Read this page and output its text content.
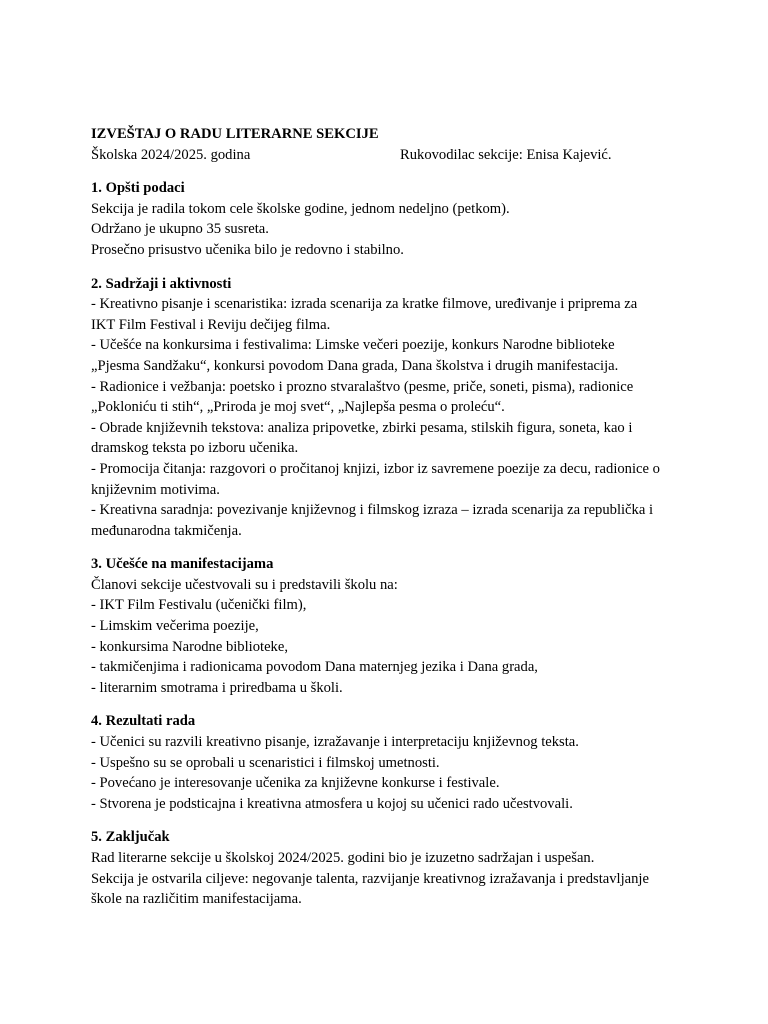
IZVEŠTAJ O RADU LITERARNE SEKCIJE

Školska 2024/2025. godina	Rukovodilac sekcije: Enisa Kajević.

1. Opšti podaci

Sekcija je radila tokom cele školske godine, jednom nedeljno (petkom).

Održano je ukupno 35 susreta.

Prosečno prisustvo učenika bilo je redovno i stabilno.

2. Sadržaji i aktivnosti

- Kreativno pisanje i scenaristika: izrada scenarija za kratke filmove, uređivanje i priprema za

IKT Film Festival i Reviju dečijeg filma.

- Učešće na konkursima i festivalima: Limske večeri poezije, konkurs Narodne biblioteke

„Pjesma Sandžaku“, konkursi povodom Dana grada, Dana školstva i drugih manifestacija.

- Radionice i vežbanja: poetsko i prozno stvaralaštvo (pesme, priče, soneti, pisma), radionice

„Pokloniću ti stih“, „Priroda je moj svet“, „Najlepša pesma o proleću“.

- Obrade književnih tekstova: analiza pripovetke, zbirki pesama, stilskih figura, soneta, kao i

dramskog teksta po izboru učenika.

- Promocija čitanja: razgovori o pročitanoj knjizi, izbor iz savremene poezije za decu, radionice o

književnim motivima.

- Kreativna saradnja: povezivanje književnog i filmskog izraza – izrada scenarija za republička i

međunarodna takmičenja.

3. Učešće na manifestacijama

Članovi sekcije učestvovali su i predstavili školu na:

- IKT Film Festivalu (učenički film),

- Limskim večerima poezije,

- konkursima Narodne biblioteke,

- takmičenjima i radionicama povodom Dana maternjeg jezika i Dana grada,

- literarnim smotrama i priredbama u školi.

4. Rezultati rada

- Učenici su razvili kreativno pisanje, izražavanje i interpretaciju književnog teksta.

- Uspešno su se oprobali u scenaristici i filmskoj umetnosti.

- Povećano je interesovanje učenika za književne konkurse i festivale.

- Stvorena je podsticajna i kreativna atmosfera u kojoj su učenici rado učestvovali.

5. Zaključak

Rad literarne sekcije u školskoj 2024/2025. godini bio je izuzetno sadržajan i uspešan.

Sekcija je ostvarila ciljeve: negovanje talenta, razvijanje kreativnog izražavanja i predstavljanje

škole na različitim manifestacijama.
